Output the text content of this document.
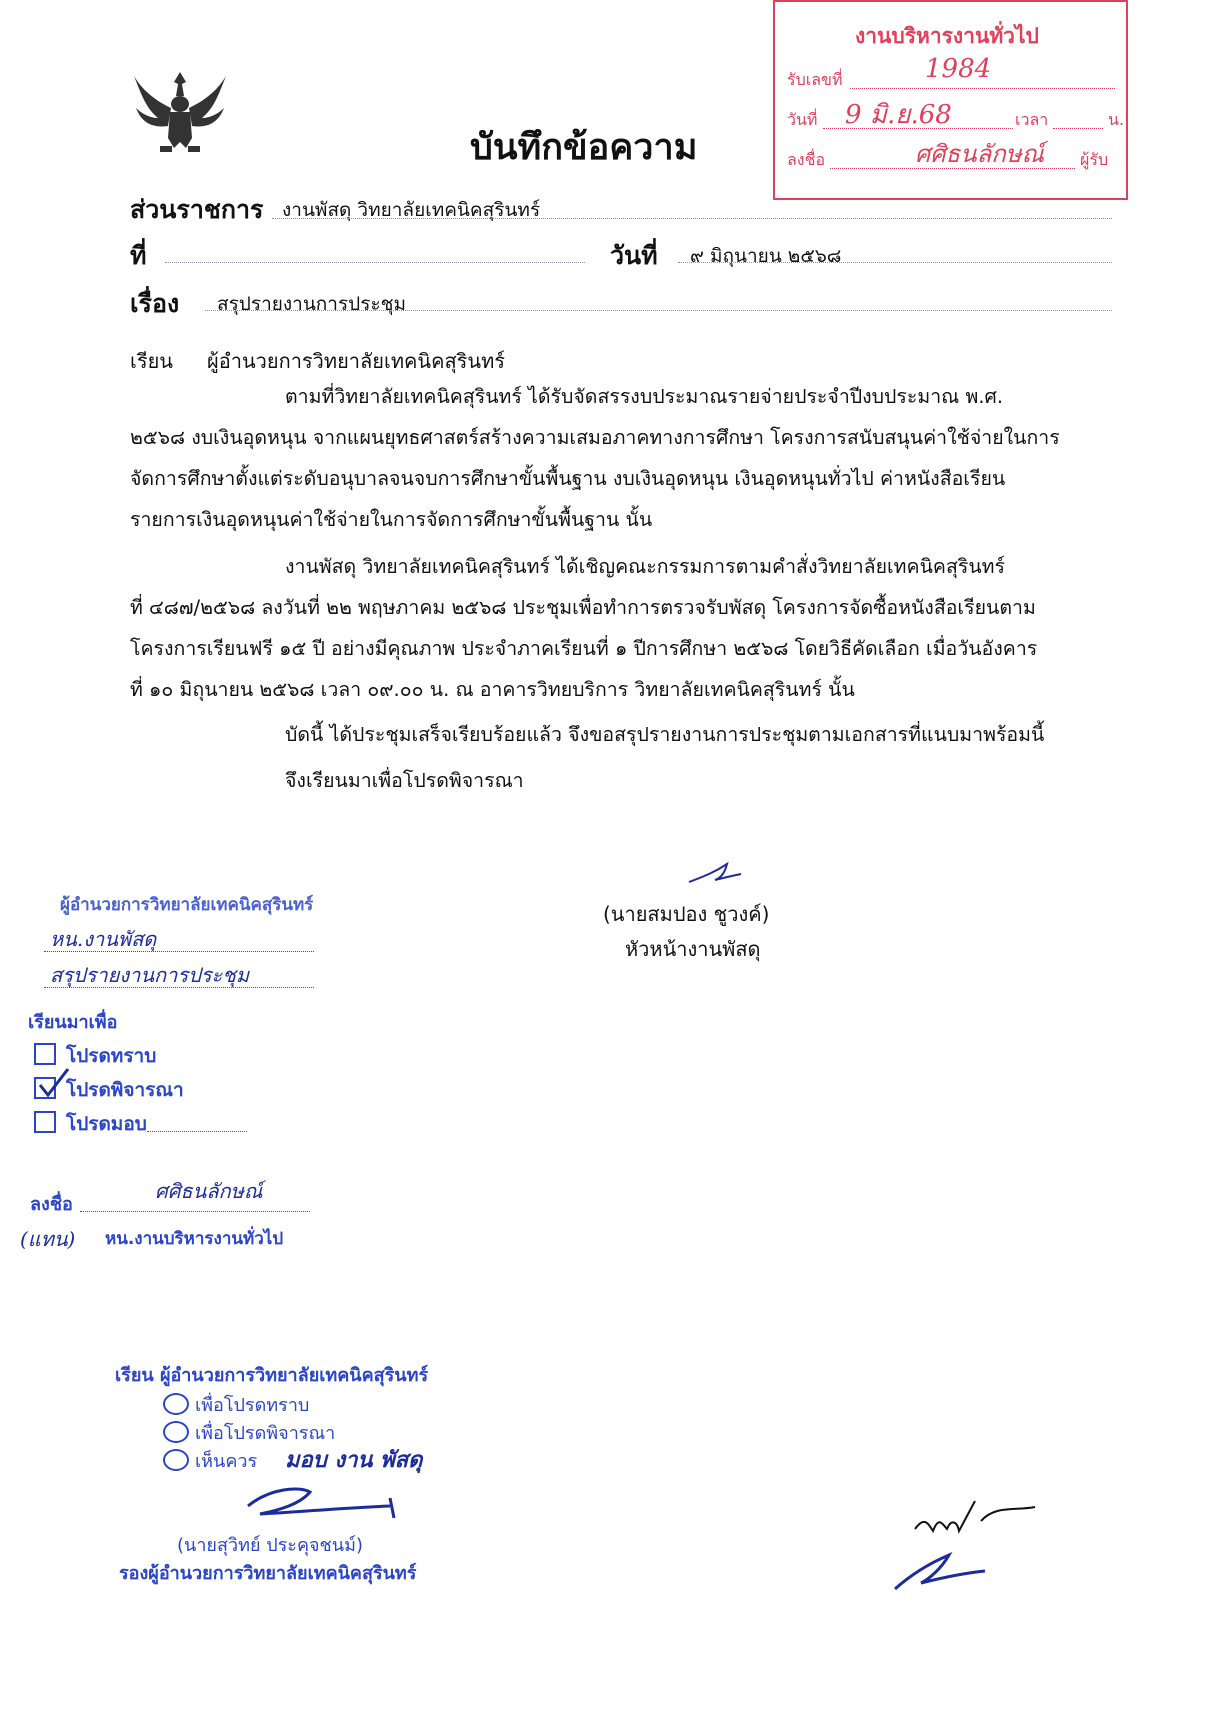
บันทึกข้อความ
งานบริหารงานทั่วไป
รับเลขที่	1984
วันที่ 9 มิ.ย.68	เวลา	น.
ลงชื่อ	ศศิธนลักษณ์ ผู้รับ
ส่วนราชการ งานพัสดุ วิทยาลัยเทคนิคสุรินทร์
ที่	วันที่ ๙ มิถุนายน ๒๕๖๘
เรื่อง สรุปรายงานการประชุม
เรียน ผู้อำนวยการวิทยาลัยเทคนิคสุรินทร์
ตามที่วิทยาลัยเทคนิคสุรินทร์ ได้รับจัดสรรงบประมาณรายจ่ายประจำปีงบประมาณ พ.ศ.
๒๕๖๘ งบเงินอุดหนุน จากแผนยุทธศาสตร์สร้างความเสมอภาคทางการศึกษา โครงการสนับสนุนค่าใช้จ่ายในการ
จัดการศึกษาตั้งแต่ระดับอนุบาลจนจบการศึกษาขั้นพื้นฐาน งบเงินอุดหนุน เงินอุดหนุนทั่วไป ค่าหนังสือเรียน
รายการเงินอุดหนุนค่าใช้จ่ายในการจัดการศึกษาขั้นพื้นฐาน นั้น
งานพัสดุ วิทยาลัยเทคนิคสุรินทร์ ได้เชิญคณะกรรมการตามคำสั่งวิทยาลัยเทคนิคสุรินทร์
ที่ ๔๘๗/๒๕๖๘ ลงวันที่ ๒๒ พฤษภาคม ๒๕๖๘ ประชุมเพื่อทำการตรวจรับพัสดุ โครงการจัดซื้อหนังสือเรียนตาม
โครงการเรียนฟรี ๑๕ ปี อย่างมีคุณภาพ ประจำภาคเรียนที่ ๑ ปีการศึกษา ๒๕๖๘ โดยวิธีคัดเลือก เมื่อวันอังคาร
ที่ ๑๐ มิถุนายน ๒๕๖๘ เวลา ๐๙.๐๐ น. ณ อาคารวิทยบริการ วิทยาลัยเทคนิคสุรินทร์ นั้น
บัดนี้ ได้ประชุมเสร็จเรียบร้อยแล้ว จึงขอสรุปรายงานการประชุมตามเอกสารที่แนบมาพร้อมนี้
จึงเรียนมาเพื่อโปรดพิจารณา
(นายสมปอง ชูวงค์)
หัวหน้างานพัสดุ
ผู้อำนวยการวิทยาลัยเทคนิคสุรินทร์
หน.งานพัสดุ
สรุปรายงานการประชุม
เรียนมาเพื่อ
โปรดทราบ
โปรดพิจารณา
โปรดมอบ
ลงชื่อ
ศศิธนลักษณ์
(แทน) หน.งานบริหารงานทั่วไป
เรียน ผู้อำนวยการวิทยาลัยเทคนิคสุรินทร์
เพื่อโปรดทราบ
เพื่อโปรดพิจารณา
เห็นควร มอบ งาน พัสดุ
(นายสุวิทย์ ประคุจชนม์)
รองผู้อำนวยการวิทยาลัยเทคนิคสุรินทร์
